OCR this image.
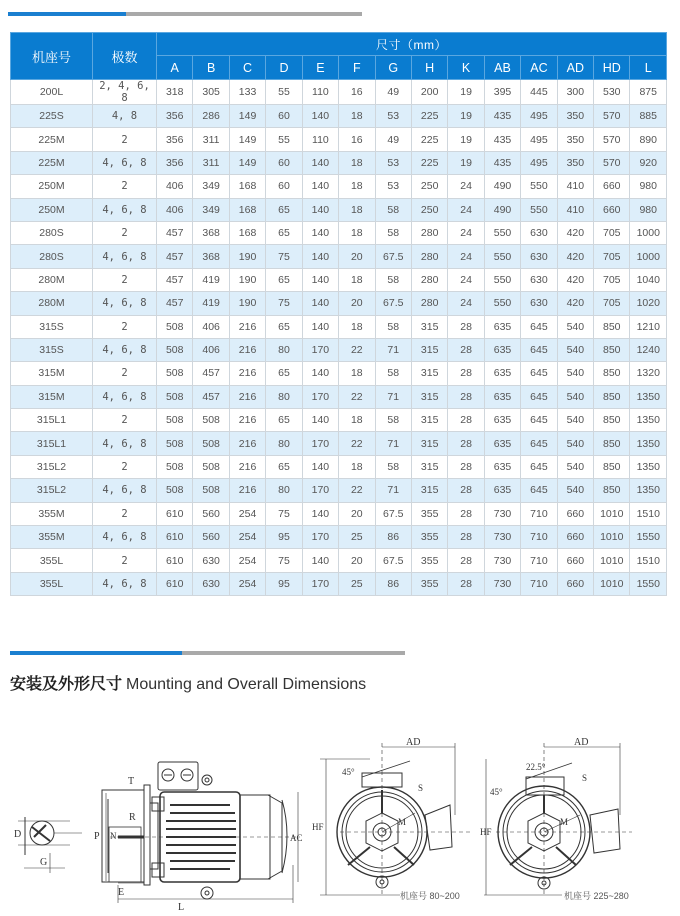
机座号	极数	尺寸（mm）													
		A	B	C	D	E	F	G	H	K	AB	AC	AD	HD	L
200L	2, 4, 6, 8	318	305	133	55	110	16	49	200	19	395	445	300	530	875
225S	4, 8	356	286	149	60	140	18	53	225	19	435	495	350	570	885
225M	2	356	311	149	55	110	16	49	225	19	435	495	350	570	890
225M	4, 6, 8	356	311	149	60	140	18	53	225	19	435	495	350	570	920
250M	2	406	349	168	60	140	18	53	250	24	490	550	410	660	980
250M	4, 6, 8	406	349	168	65	140	18	58	250	24	490	550	410	660	980
280S	2	457	368	168	65	140	18	58	280	24	550	630	420	705	1000
280S	4, 6, 8	457	368	190	75	140	20	67.5	280	24	550	630	420	705	1000
280M	2	457	419	190	65	140	18	58	280	24	550	630	420	705	1040
280M	4, 6, 8	457	419	190	75	140	20	67.5	280	24	550	630	420	705	1020
315S	2	508	406	216	65	140	18	58	315	28	635	645	540	850	1210
315S	4, 6, 8	508	406	216	80	170	22	71	315	28	635	645	540	850	1240
315M	2	508	457	216	65	140	18	58	315	28	635	645	540	850	1320
315M	4, 6, 8	508	457	216	80	170	22	71	315	28	635	645	540	850	1350
315L1	2	508	508	216	65	140	18	58	315	28	635	645	540	850	1350
315L1	4, 6, 8	508	508	216	80	170	22	71	315	28	635	645	540	850	1350
315L2	2	508	508	216	65	140	18	58	315	28	635	645	540	850	1350
315L2	4, 6, 8	508	508	216	80	170	22	71	315	28	635	645	540	850	1350
355M	2	610	560	254	75	140	20	67.5	355	28	730	710	660	1010	1510
355M	4, 6, 8	610	560	254	95	170	25	86	355	28	730	710	660	1010	1550
355L	2	610	630	254	75	140	20	67.5	355	28	730	710	660	1010	1510
355L	4, 6, 8	610	630	254	95	170	25	86	355	28	730	710	660	1010	1550
安装及外形尺寸 Mounting and Overall Dimensions
T
R
D
G
P N
E
L
AC
AD
HF
45°
S
M
机座号 80~200
AD
45°
22.5°
S
M
HF
机座号 225~280
